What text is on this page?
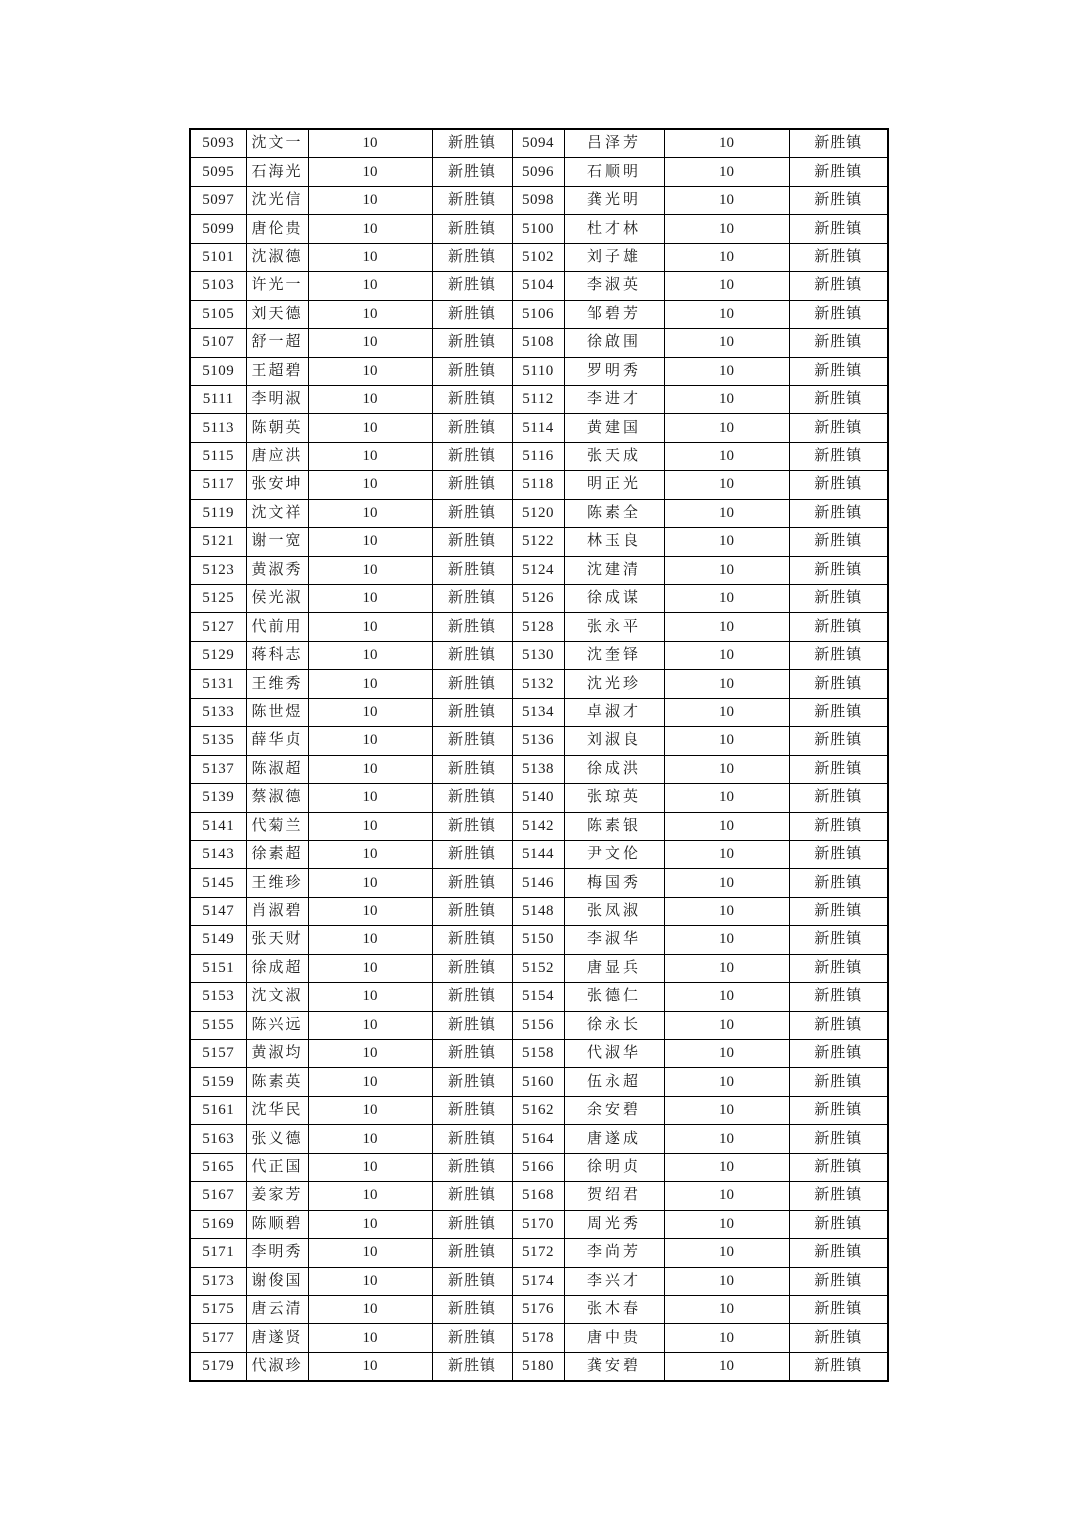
5093	沈文一	10	新胜镇	5094	吕泽芳	10	新胜镇
5095	石海光	10	新胜镇	5096	石顺明	10	新胜镇
5097	沈光信	10	新胜镇	5098	龚光明	10	新胜镇
5099	唐伦贵	10	新胜镇	5100	杜才林	10	新胜镇
5101	沈淑德	10	新胜镇	5102	刘子雄	10	新胜镇
5103	许光一	10	新胜镇	5104	李淑英	10	新胜镇
5105	刘天德	10	新胜镇	5106	邹碧芳	10	新胜镇
5107	舒一超	10	新胜镇	5108	徐啟围	10	新胜镇
5109	王超碧	10	新胜镇	5110	罗明秀	10	新胜镇
5111	李明淑	10	新胜镇	5112	李进才	10	新胜镇
5113	陈朝英	10	新胜镇	5114	黄建国	10	新胜镇
5115	唐应洪	10	新胜镇	5116	张天成	10	新胜镇
5117	张安坤	10	新胜镇	5118	明正光	10	新胜镇
5119	沈文祥	10	新胜镇	5120	陈素全	10	新胜镇
5121	谢一宽	10	新胜镇	5122	林玉良	10	新胜镇
5123	黄淑秀	10	新胜镇	5124	沈建清	10	新胜镇
5125	侯光淑	10	新胜镇	5126	徐成谋	10	新胜镇
5127	代前用	10	新胜镇	5128	张永平	10	新胜镇
5129	蒋科志	10	新胜镇	5130	沈奎铎	10	新胜镇
5131	王维秀	10	新胜镇	5132	沈光珍	10	新胜镇
5133	陈世煜	10	新胜镇	5134	卓淑才	10	新胜镇
5135	薛华贞	10	新胜镇	5136	刘淑良	10	新胜镇
5137	陈淑超	10	新胜镇	5138	徐成洪	10	新胜镇
5139	蔡淑德	10	新胜镇	5140	张琼英	10	新胜镇
5141	代菊兰	10	新胜镇	5142	陈素银	10	新胜镇
5143	徐素超	10	新胜镇	5144	尹文伦	10	新胜镇
5145	王维珍	10	新胜镇	5146	梅国秀	10	新胜镇
5147	肖淑碧	10	新胜镇	5148	张凤淑	10	新胜镇
5149	张天财	10	新胜镇	5150	李淑华	10	新胜镇
5151	徐成超	10	新胜镇	5152	唐显兵	10	新胜镇
5153	沈文淑	10	新胜镇	5154	张德仁	10	新胜镇
5155	陈兴远	10	新胜镇	5156	徐永长	10	新胜镇
5157	黄淑均	10	新胜镇	5158	代淑华	10	新胜镇
5159	陈素英	10	新胜镇	5160	伍永超	10	新胜镇
5161	沈华民	10	新胜镇	5162	余安碧	10	新胜镇
5163	张义德	10	新胜镇	5164	唐遂成	10	新胜镇
5165	代正国	10	新胜镇	5166	徐明贞	10	新胜镇
5167	姜家芳	10	新胜镇	5168	贺绍君	10	新胜镇
5169	陈顺碧	10	新胜镇	5170	周光秀	10	新胜镇
5171	李明秀	10	新胜镇	5172	李尚芳	10	新胜镇
5173	谢俊国	10	新胜镇	5174	李兴才	10	新胜镇
5175	唐云清	10	新胜镇	5176	张木春	10	新胜镇
5177	唐遂贤	10	新胜镇	5178	唐中贵	10	新胜镇
5179	代淑珍	10	新胜镇	5180	龚安碧	10	新胜镇
